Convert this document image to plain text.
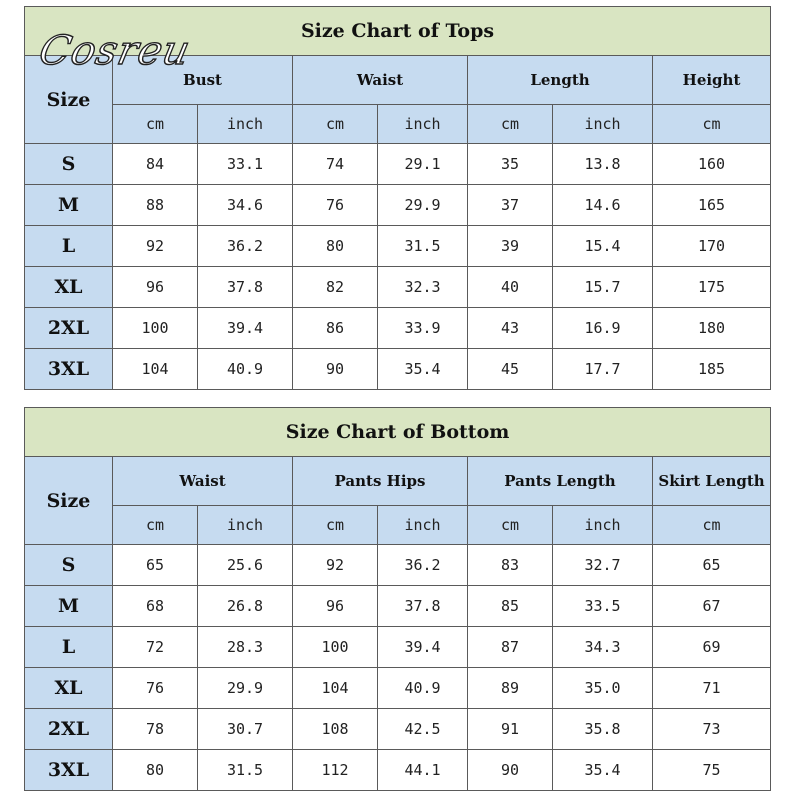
Cosreu	Size Chart of Tops							
Size	Bust		Waist		Length		Height
	cm	inch	cm	inch	cm	inch	cm
S	84	33.1	74	29.1	35	13.8	160
M	88	34.6	76	29.9	37	14.6	165
L	92	36.2	80	31.5	39	15.4	170
XL	96	37.8	82	32.3	40	15.7	175
2XL	100	39.4	86	33.9	43	16.9	180
3XL	104	40.9	90	35.4	45	17.7	185
Size Chart of Bottom							
Size	Waist		Pants Hips		Pants Length		Skirt Length
	cm	inch	cm	inch	cm	inch	cm
S	65	25.6	92	36.2	83	32.7	65
M	68	26.8	96	37.8	85	33.5	67
L	72	28.3	100	39.4	87	34.3	69
XL	76	29.9	104	40.9	89	35.0	71
2XL	78	30.7	108	42.5	91	35.8	73
3XL	80	31.5	112	44.1	90	35.4	75
